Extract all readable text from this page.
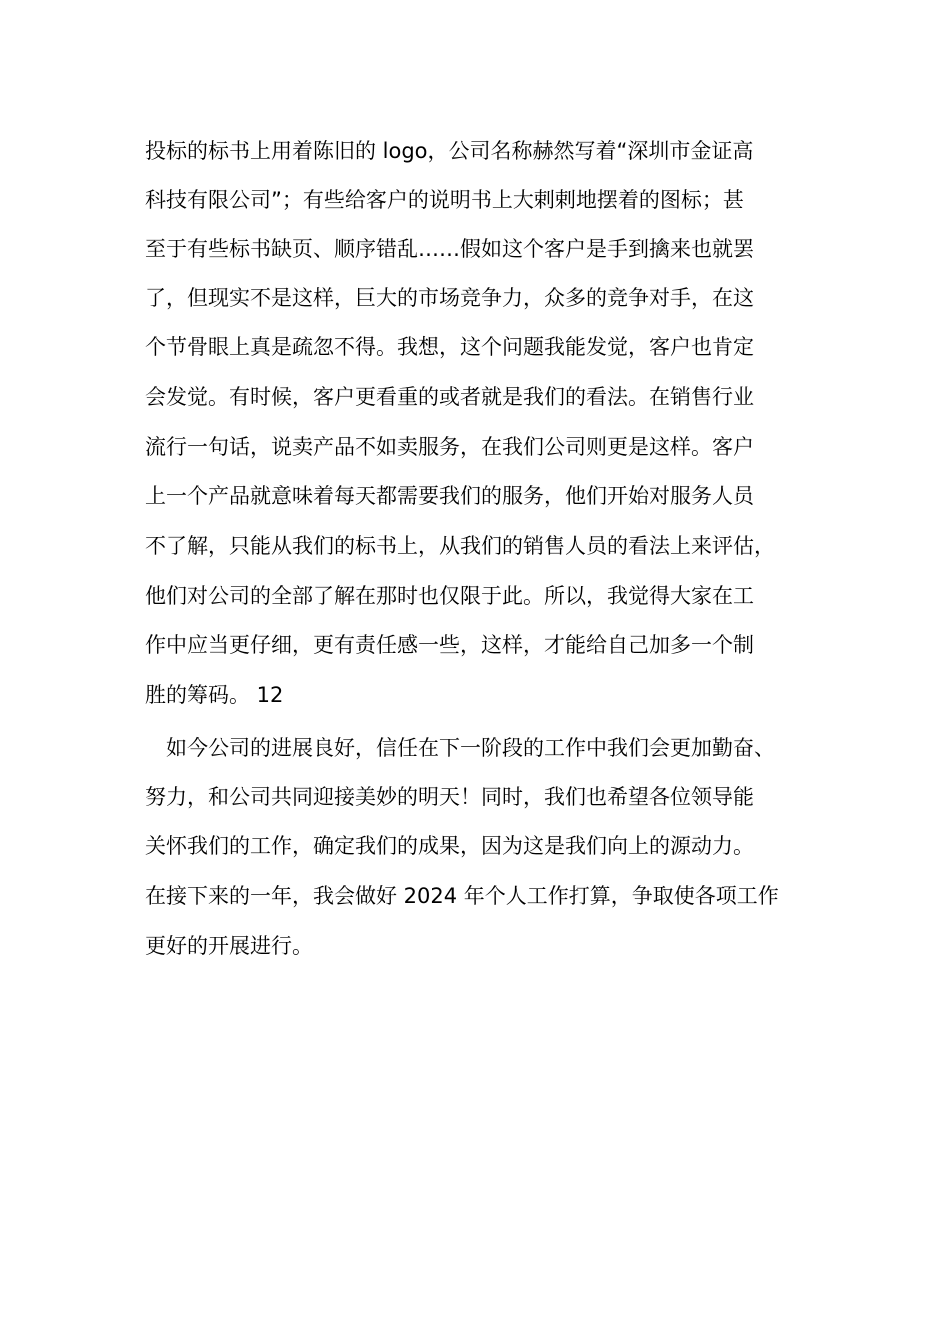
投标的标书上用着陈旧的 logo，公司名称赫然写着“深圳市金证高
科技有限公司”；有些给客户的说明书上大剌剌地摆着的图标；甚
至于有些标书缺页、顺序错乱……假如这个客户是手到擒来也就罢
了，但现实不是这样，巨大的市场竞争力，众多的竞争对手，在这
个节骨眼上真是疏忽不得。我想，这个问题我能发觉，客户也肯定
会发觉。有时候，客户更看重的或者就是我们的看法。在销售行业
流行一句话，说卖产品不如卖服务，在我们公司则更是这样。客户
上一个产品就意味着每天都需要我们的服务，他们开始对服务人员
不了解，只能从我们的标书上，从我们的销售人员的看法上来评估，
他们对公司的全部了解在那时也仅限于此。所以，我觉得大家在工
作中应当更仔细，更有责任感一些，这样，才能给自己加多一个制
胜的筹码。 12
如今公司的进展良好，信任在下一阶段的工作中我们会更加勤奋、
努力，和公司共同迎接美妙的明天！同时，我们也希望各位领导能
关怀我们的工作，确定我们的成果，因为这是我们向上的源动力。
在接下来的一年，我会做好 2024 年个人工作打算，争取使各项工作
更好的开展进行。
